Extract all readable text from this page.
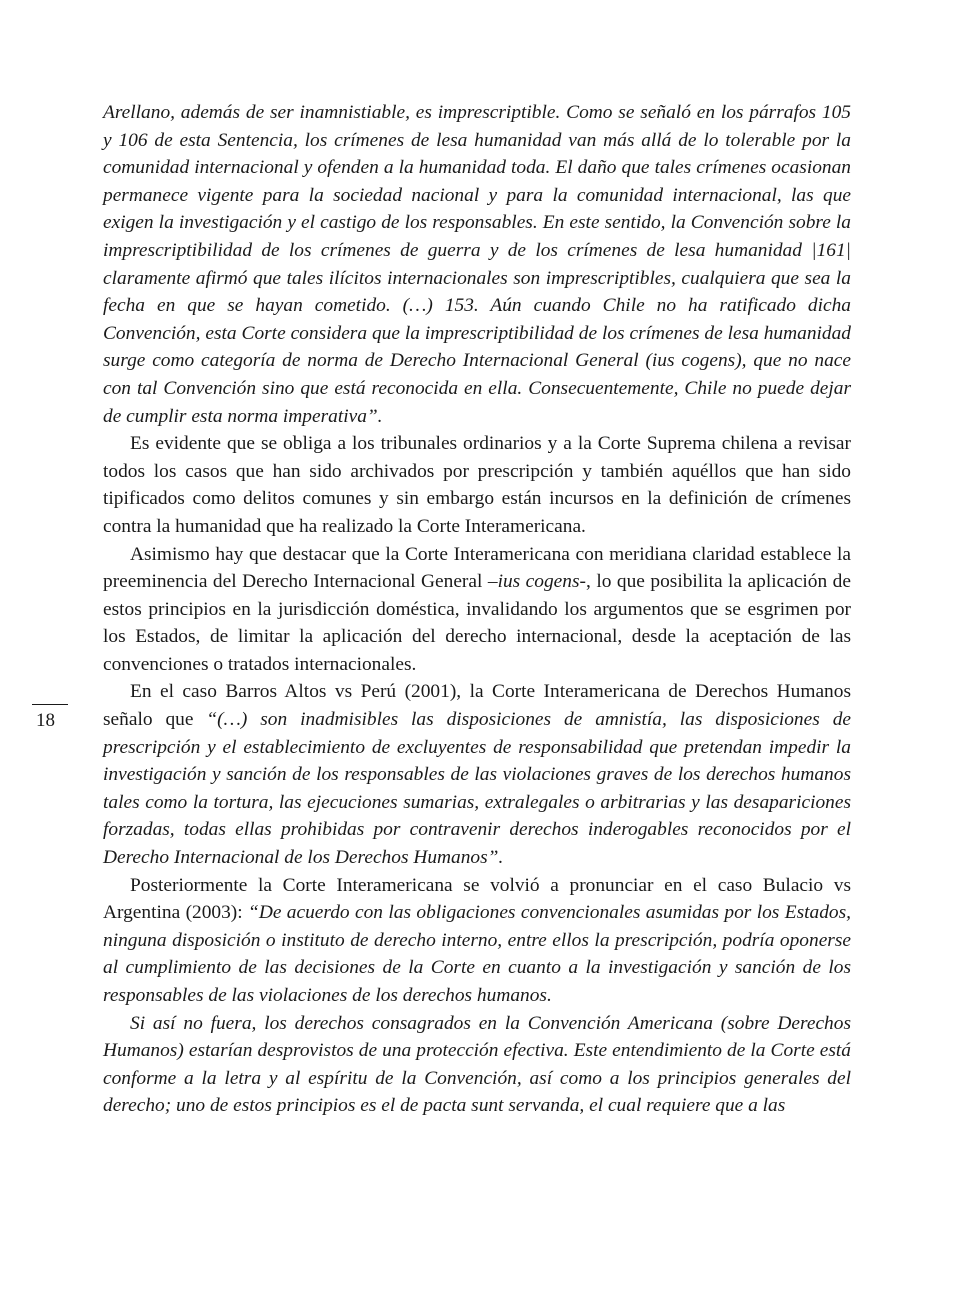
Arellano, además de ser inamnistiable, es imprescriptible. Como se señaló en los párrafos 105 y 106 de esta Sentencia, los crímenes de lesa humanidad van más allá de lo tolerable por la comunidad internacional y ofenden a la humanidad toda. El daño que tales crímenes ocasionan permanece vigente para la sociedad nacional y para la comunidad internacional, las que exigen la investigación y el castigo de los responsables. En este sentido, la Convención sobre la imprescriptibilidad de los crímenes de guerra y de los crímenes de lesa humanidad |161| claramente afirmó que tales ilícitos internacionales son imprescriptibles, cualquiera que sea la fecha en que se hayan cometido. (…) 153. Aún cuando Chile no ha ratificado dicha Convención, esta Corte considera que la imprescriptibilidad de los crímenes de lesa humanidad surge como categoría de norma de Derecho Internacional General (ius cogens), que no nace con tal Convención sino que está reconocida en ella. Consecuentemente, Chile no puede dejar de cumplir esta norma imperativa”.

Es evidente que se obliga a los tribunales ordinarios y a la Corte Suprema chilena a revisar todos los casos que han sido archivados por prescripción y también aquéllos que han sido tipificados como delitos comunes y sin embargo están incursos en la definición de crímenes contra la humanidad que ha realizado la Corte Interamericana.

Asimismo hay que destacar que la Corte Interamericana con meridiana claridad establece la preeminencia del Derecho Internacional General –ius cogens-, lo que posibilita la aplicación de estos principios en la jurisdicción doméstica, invalidando los argumentos que se esgrimen por los Estados, de limitar la aplicación del derecho internacional, desde la aceptación de las convenciones o tratados internacionales.

En el caso Barros Altos vs Perú (2001), la Corte Interamericana de Derechos Humanos señalo que “(…) son inadmisibles las disposiciones de amnistía, las disposiciones de prescripción y el establecimiento de excluyentes de responsabilidad que pretendan impedir la investigación y sanción de los responsables de las violaciones graves de los derechos humanos tales como la tortura, las ejecuciones sumarias, extralegales o arbitrarias y las desapariciones forzadas, todas ellas prohibidas por contravenir derechos inderogables reconocidos por el Derecho Internacional de los Derechos Humanos”.

Posteriormente la Corte Interamericana se volvió a pronunciar en el caso Bulacio vs Argentina (2003): “De acuerdo con las obligaciones convencionales asumidas por los Estados, ninguna disposición o instituto de derecho interno, entre ellos la prescripción, podría oponerse al cumplimiento de las decisiones de la Corte en cuanto a la investigación y sanción de los responsables de las violaciones de los derechos humanos.

Si así no fuera, los derechos consagrados en la Convención Americana (sobre Derechos Humanos) estarían desprovistos de una protección efectiva. Este entendimiento de la Corte está conforme a la letra y al espíritu de la Convención, así como a los principios generales del derecho; uno de estos principios es el de pacta sunt servanda, el cual requiere que a las

18
